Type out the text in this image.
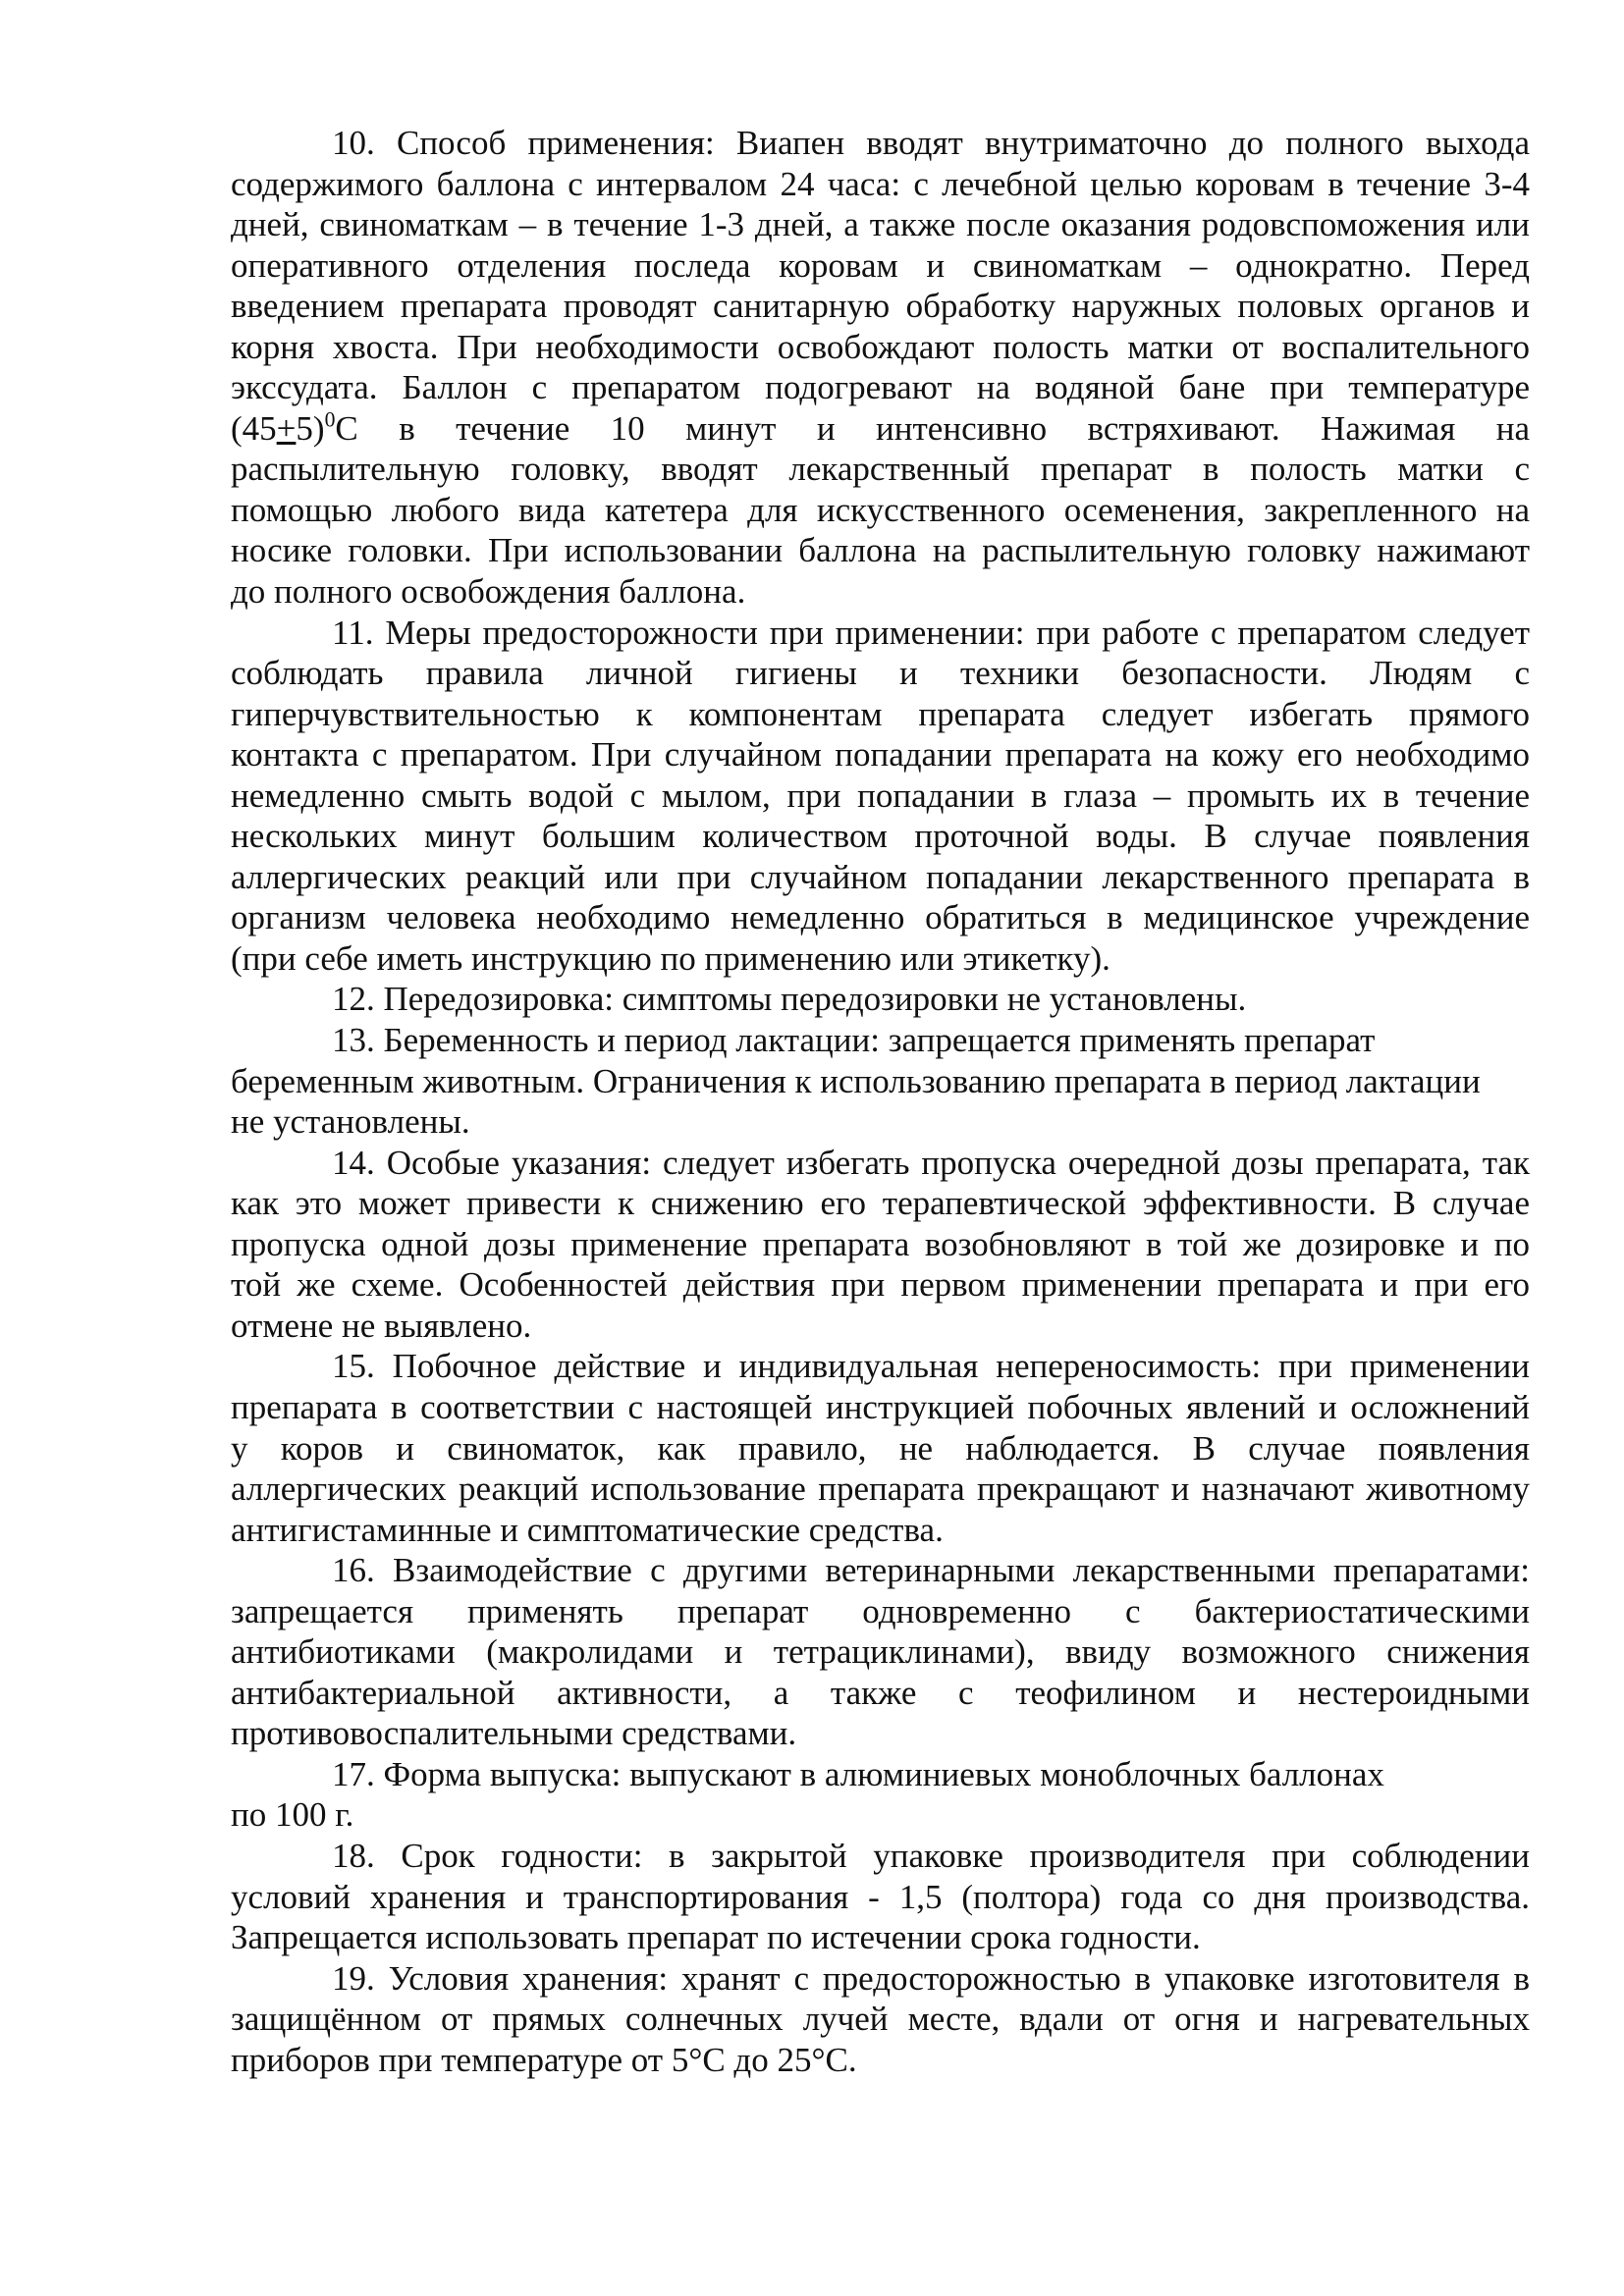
10. Способ применения: Виапен вводят внутриматочно до полного выхода
содержимого баллона с интервалом 24 часа: с лечебной целью коровам в течение 3-4
дней, свиноматкам – в течение 1-3 дней, а также после оказания родовспоможения или
оперативного отделения последа коровам и свиноматкам – однократно. Перед
введением препарата проводят санитарную обработку наружных половых органов и
корня хвоста. При необходимости освобождают полость матки от воспалительного
экссудата. Баллон с препаратом подогревают на водяной бане при температуре
$(45+5)^0C$ в течение 10 минут и интенсивно встряхивают. Нажимая на
распылительную головку, вводят лекарственный препарат в полость матки с
помощью любого вида катетера для искусственного осеменения, закрепленного на
носике головки. При использовании баллона на распылительную головку нажимают
до полного освобождения баллона.
11. Меры предосторожности при применении: при работе с препаратом следует
соблюдать правила личной гигиены и техники безопасности. Людям с
гиперчувствительностью к компонентам препарата следует избегать прямого
контакта с препаратом. При случайном попадании препарата на кожу его необходимо
немедленно смыть водой с мылом, при попадании в глаза – промыть их в течение
нескольких минут большим количеством проточной воды. В случае появления
аллергических реакций или при случайном попадании лекарственного препарата в
организм человека необходимо немедленно обратиться в медицинское учреждение
(при себе иметь инструкцию по применению или этикетку).
12. Передозировка: симптомы передозировки не установлены.
13. Беременность и период лактации: запрещается применять препарат
беременным животным. Ограничения к использованию препарата в период лактации
не установлены.
14. Особые указания: следует избегать пропуска очередной дозы препарата, так
как это может привести к снижению его терапевтической эффективности. В случае
пропуска одной дозы применение препарата возобновляют в той же дозировке и по
той же схеме. Особенностей действия при первом применении препарата и при его
отмене не выявлено.
15. Побочное действие и индивидуальная непереносимость: при применении
препарата в соответствии с настоящей инструкцией побочных явлений и осложнений
у коров и свиноматок, как правило, не наблюдается. В случае появления
аллергических реакций использование препарата прекращают и назначают животному
антигистаминные и симптоматические средства.
16. Взаимодействие с другими ветеринарными лекарственными препаратами:
запрещается применять препарат одновременно с бактериостатическими
антибиотиками (макролидами и тетрациклинами), ввиду возможного снижения
антибактериальной активности, а также с теофилином и нестероидными
противовоспалительными средствами.
17. Форма выпуска: выпускают в алюминиевых моноблочных баллонах
по 100 г.
18. Срок годности: в закрытой упаковке производителя при соблюдении
условий хранения и транспортирования - 1,5 (полтора) года со дня производства.
Запрещается использовать препарат по истечении срока годности.
19. Условия хранения: хранят с предосторожностью в упаковке изготовителя в
защищённом от прямых солнечных лучей месте, вдали от огня и нагревательных
приборов при температуре от 5°С до 25°С.
